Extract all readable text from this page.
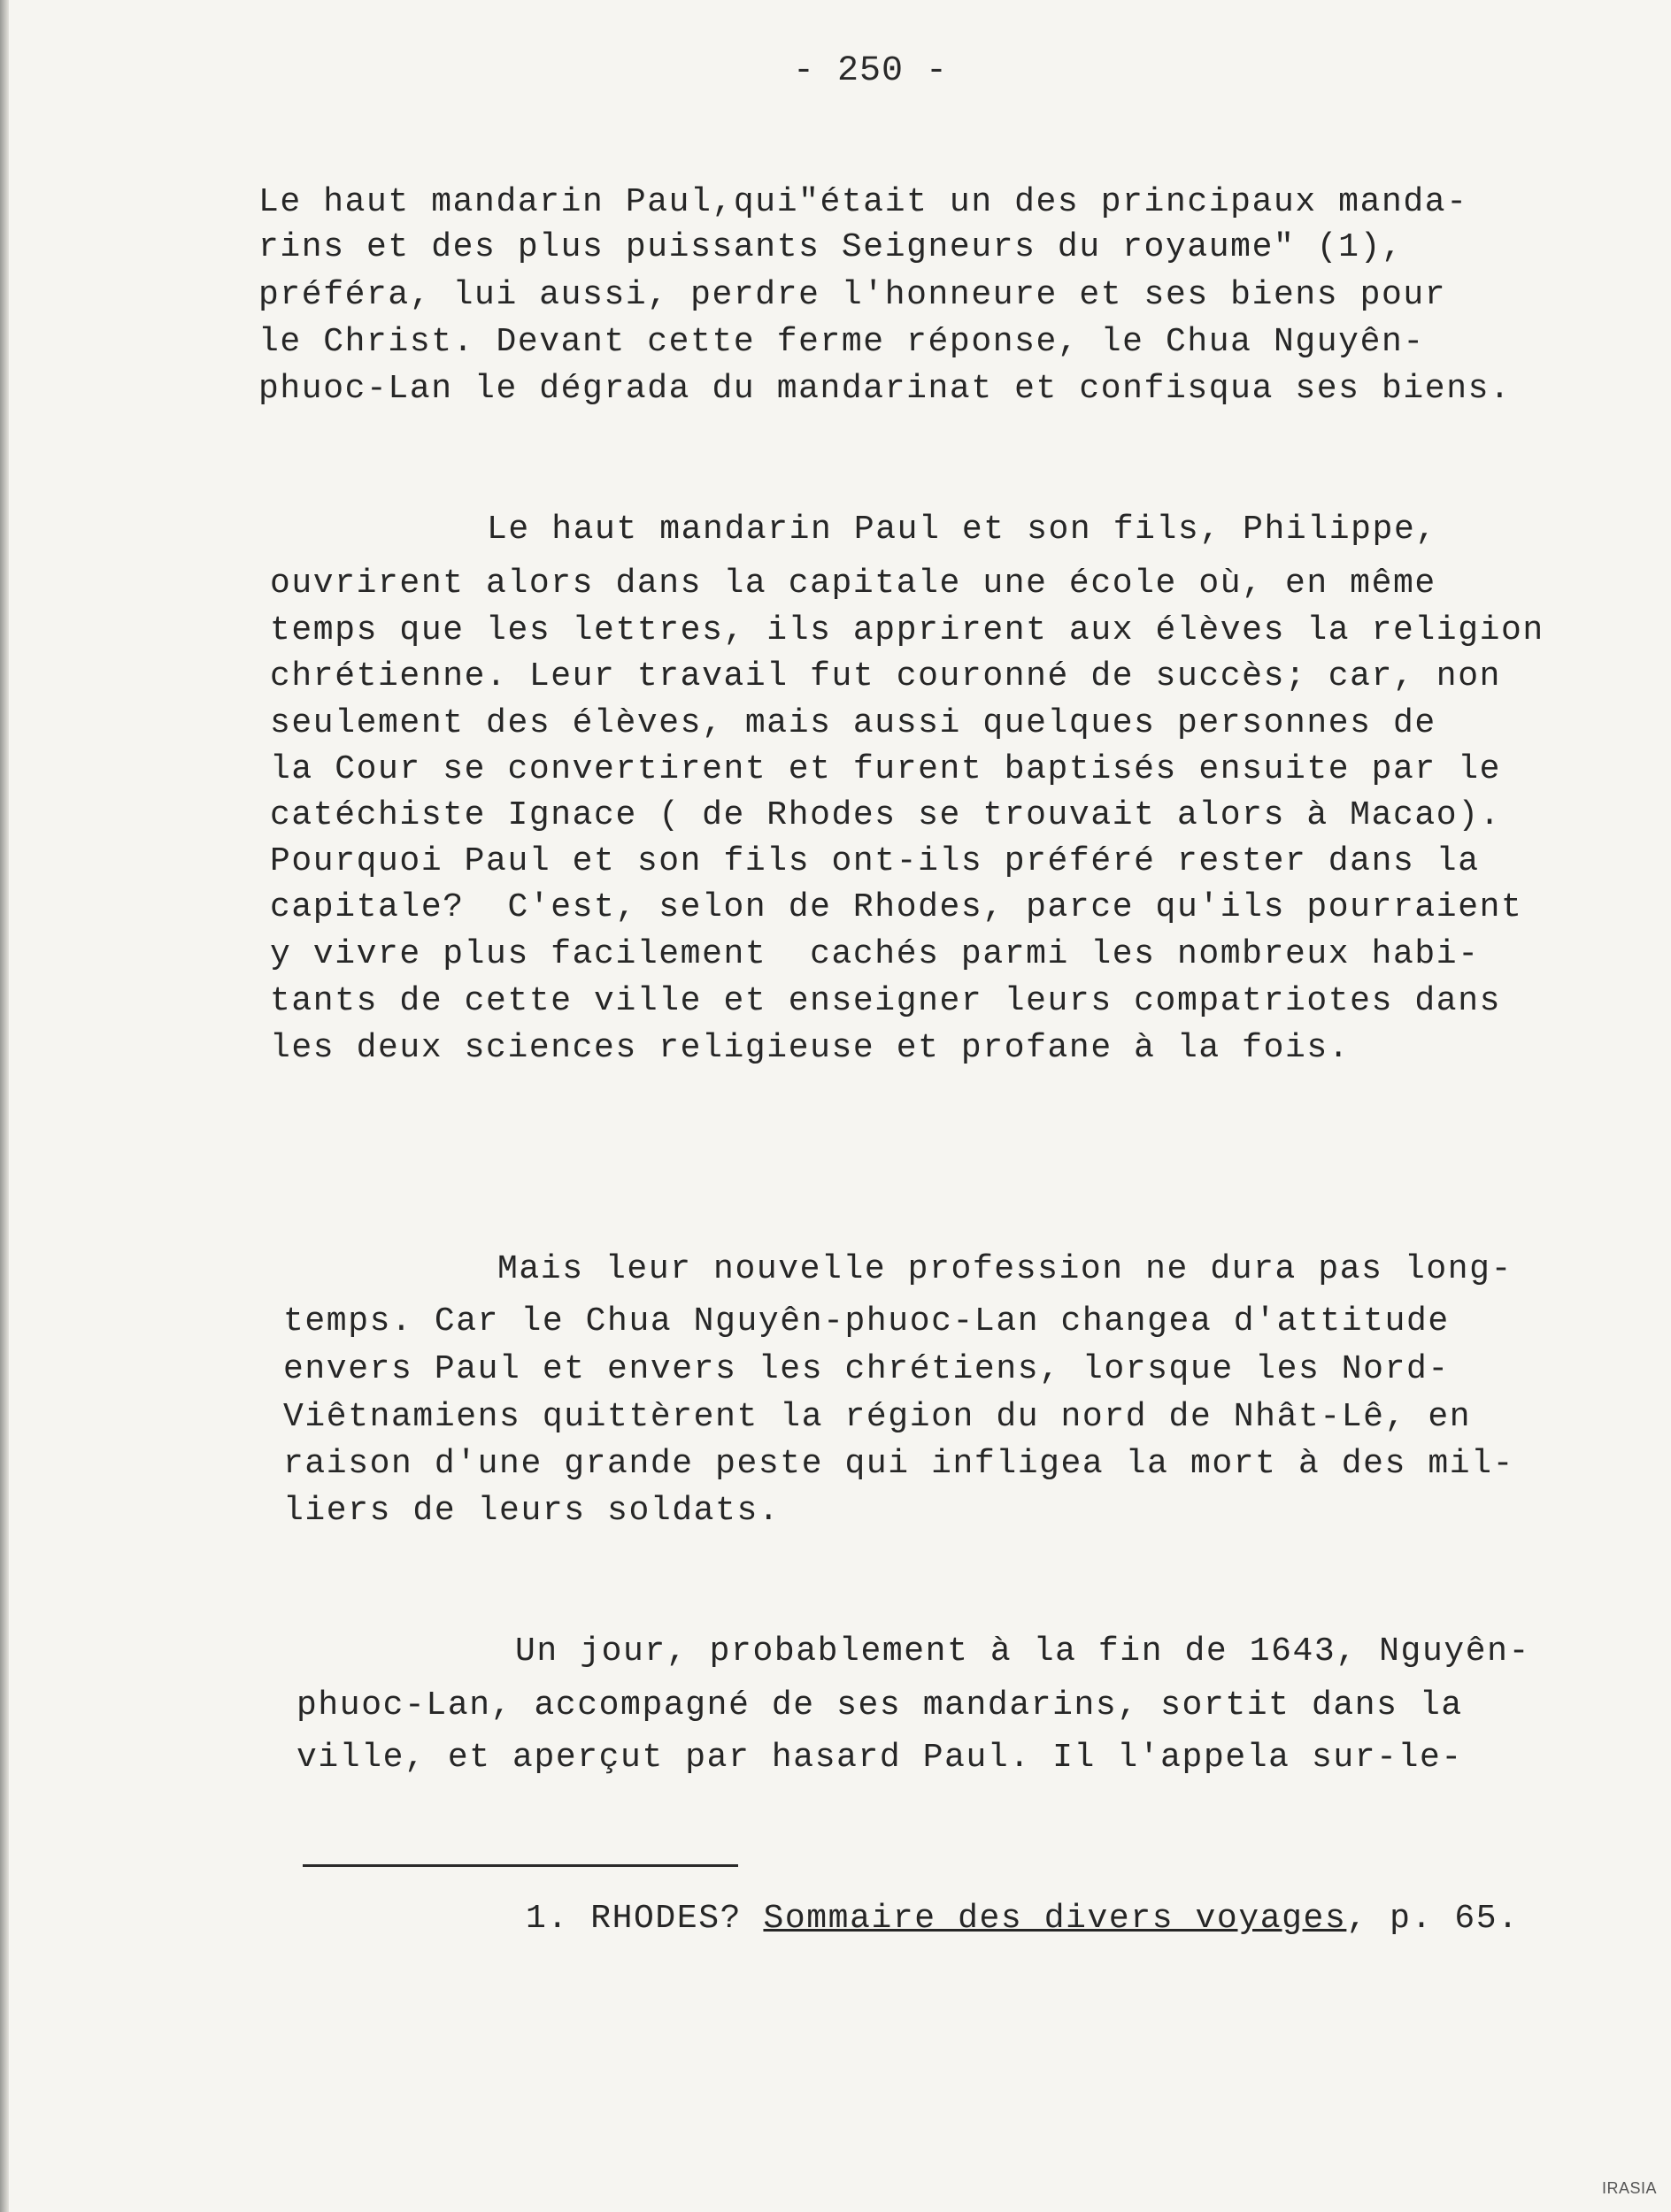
- 250 -
Le haut mandarin Paul,qui"était un des principaux manda-
rins et des plus puissants Seigneurs du royaume" (1),
préféra, lui aussi, perdre l'honneure et ses biens pour
le Christ. Devant cette ferme réponse, le Chua Nguyên-
phuoc-Lan le dégrada du mandarinat et confisqua ses biens.
Le haut mandarin Paul et son fils, Philippe,
ouvrirent alors dans la capitale une école où, en même
temps que les lettres, ils apprirent aux élèves la religion
chrétienne. Leur travail fut couronné de succès; car, non
seulement des élèves, mais aussi quelques personnes de
la Cour se convertirent et furent baptisés ensuite par le
catéchiste Ignace ( de Rhodes se trouvait alors à Macao).
Pourquoi Paul et son fils ont-ils préféré rester dans la
capitale?  C'est, selon de Rhodes, parce qu'ils pourraient
y vivre plus facilement  cachés parmi les nombreux habi-
tants de cette ville et enseigner leurs compatriotes dans
les deux sciences religieuse et profane à la fois.
Mais leur nouvelle profession ne dura pas long-
temps. Car le Chua Nguyên-phuoc-Lan changea d'attitude
envers Paul et envers les chrétiens, lorsque les Nord-
Viêtnamiens quittèrent la région du nord de Nhât-Lê, en
raison d'une grande peste qui infligea la mort à des mil-
liers de leurs soldats.
Un jour, probablement à la fin de 1643, Nguyên-
phuoc-Lan, accompagné de ses mandarins, sortit dans la
ville, et aperçut par hasard Paul. Il l'appela sur-le-
1. RHODES? Sommaire des divers voyages, p. 65.
IRASIA
